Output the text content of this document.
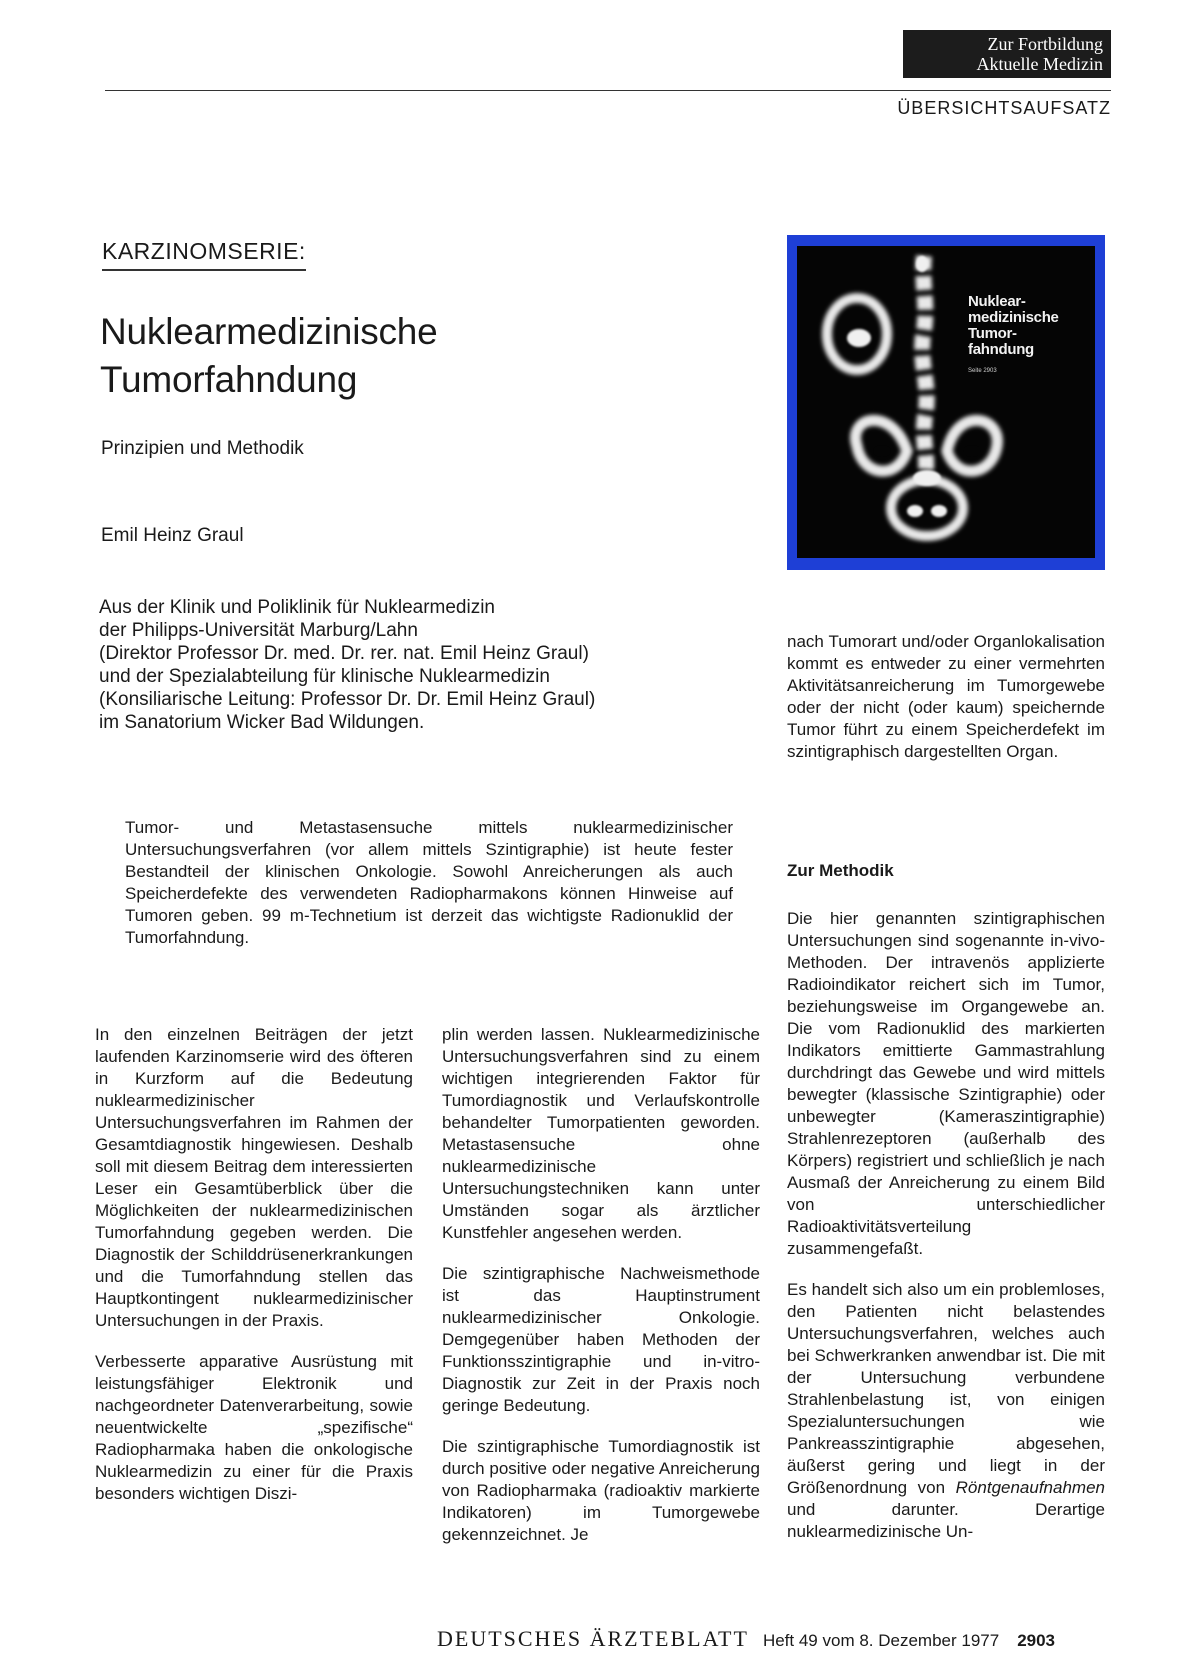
Zur Fortbildung
Aktuelle Medizin
ÜBERSICHTSAUFSATZ
KARZINOMSERIE:
Nuklearmedizinische
Tumorfahndung
Prinzipien und Methodik
Emil Heinz Graul
Aus der Klinik und Poliklinik für Nuklearmedizin
der Philipps-Universität Marburg/Lahn
(Direktor Professor Dr. med. Dr. rer. nat. Emil Heinz Graul)
und der Spezialabteilung für klinische Nuklearmedizin
(Konsiliarische Leitung: Professor Dr. Dr. Emil Heinz Graul)
im Sanatorium Wicker Bad Wildungen.
Nuklear-
medizinische
Tumor-
fahndung
Seite 2903
nach Tumorart und/oder Organlokalisation kommt es entweder zu einer vermehrten Aktivitätsanreicherung im Tumorgewebe oder der nicht (oder kaum) speichernde Tumor führt zu einem Speicherdefekt im szintigraphisch dargestellten Organ.
Tumor- und Metastasensuche mittels nuklearmedizinischer Untersuchungsverfahren (vor allem mittels Szintigraphie) ist heute fester Bestandteil der klinischen Onkologie. Sowohl Anreicherungen als auch Speicherdefekte des verwendeten Radiopharmakons können Hinweise auf Tumoren geben. 99 m-Technetium ist derzeit das wichtigste Radionuklid der Tumorfahndung.

In den einzelnen Beiträgen der jetzt laufenden Karzinomserie wird des öfteren in Kurzform auf die Bedeutung nuklearmedizinischer Untersuchungsverfahren im Rahmen der Gesamtdiagnostik hingewiesen. Deshalb soll mit diesem Beitrag dem interessierten Leser ein Gesamtüberblick über die Möglichkeiten der nuklearmedizinischen Tumorfahndung gegeben werden. Die Diagnostik der Schilddrüsenerkrankungen und die Tumorfahndung stellen das Hauptkontingent nuklearmedizinischer Untersuchungen in der Praxis.

Verbesserte apparative Ausrüstung mit leistungsfähiger Elektronik und nachgeordneter Datenverarbeitung, sowie neuentwickelte „spezifische“ Radiopharmaka haben die onkologische Nuklearmedizin zu einer für die Praxis besonders wichtigen Diszi-

plin werden lassen. Nuklearmedizinische Untersuchungsverfahren sind zu einem wichtigen integrierenden Faktor für Tumordiagnostik und Verlaufskontrolle behandelter Tumorpatienten geworden. Metastasensuche ohne nuklearmedizinische Untersuchungstechniken kann unter Umständen sogar als ärztlicher Kunstfehler angesehen werden.

Die szintigraphische Nachweismethode ist das Hauptinstrument nuklearmedizinischer Onkologie. Demgegenüber haben Methoden der Funktionsszintigraphie und in-vitro-Diagnostik zur Zeit in der Praxis noch geringe Bedeutung.

Die szintigraphische Tumordiagnostik ist durch positive oder negative Anreicherung von Radiopharmaka (radioaktiv markierte Indikatoren) im Tumorgewebe gekennzeichnet. Je

Zur Methodik

Die hier genannten szintigraphischen Untersuchungen sind sogenannte in-vivo-Methoden. Der intravenös applizierte Radioindikator reichert sich im Tumor, beziehungsweise im Organgewebe an. Die vom Radionuklid des markierten Indikators emittierte Gammastrahlung durchdringt das Gewebe und wird mittels bewegter (klassische Szintigraphie) oder unbewegter (Kameraszintigraphie) Strahlenrezeptoren (außerhalb des Körpers) registriert und schließlich je nach Ausmaß der Anreicherung zu einem Bild von unterschiedlicher Radioaktivitätsverteilung zusammengefaßt.

Es handelt sich also um ein problemloses, den Patienten nicht belastendes Untersuchungsverfahren, welches auch bei Schwerkranken anwendbar ist. Die mit der Untersuchung verbundene Strahlenbelastung ist, von einigen Spezialuntersuchungen wie Pankreasszintigraphie abgesehen, äußerst gering und liegt in der Größenordnung von Röntgenaufnahmen und darunter. Derartige nuklearmedizinische Un-

DEUTSCHES ÄRZTEBLATT Heft 49 vom 8. Dezember 1977 2903
